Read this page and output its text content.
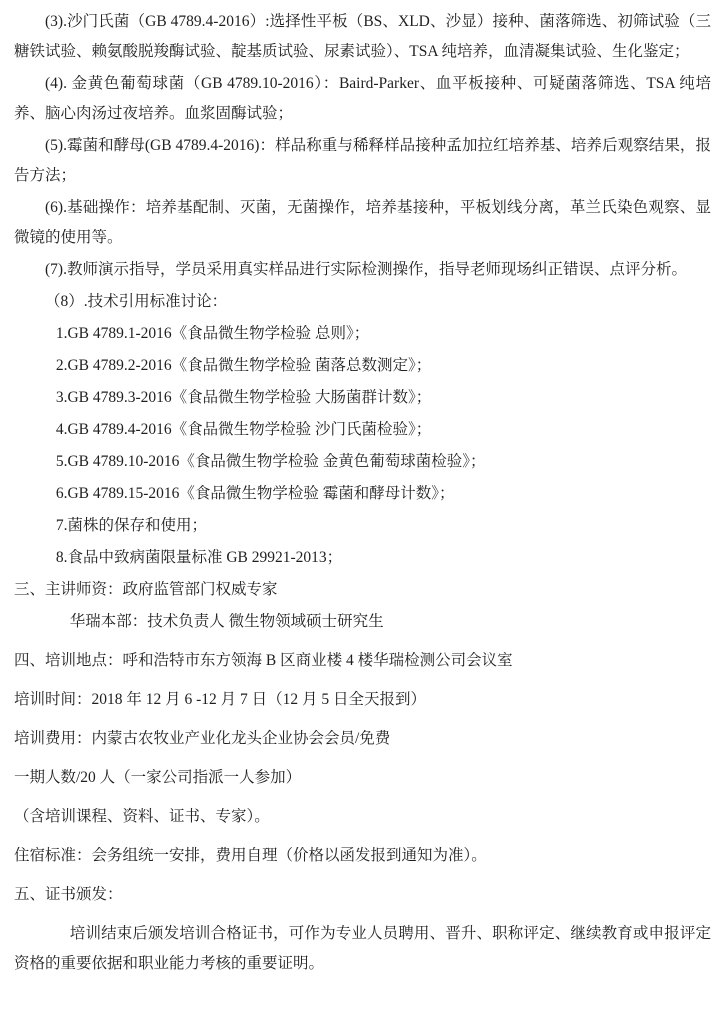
(3).沙门氏菌（GB 4789.4-2016）:选择性平板（BS、XLD、沙显）接种、菌落筛选、初筛试验（三糖铁试验、赖氨酸脱羧酶试验、靛基质试验、尿素试验）、TSA 纯培养，血清凝集试验、生化鉴定；

(4). 金黄色葡萄球菌（GB 4789.10-2016）：Baird-Parker、血平板接种、可疑菌落筛选、TSA 纯培养、脑心肉汤过夜培养。血浆固酶试验；

(5).霉菌和酵母(GB 4789.4-2016)：样品称重与稀释样品接种孟加拉红培养基、培养后观察结果，报告方法；

(6).基础操作：培养基配制、灭菌，无菌操作，培养基接种，平板划线分离，革兰氏染色观察、显微镜的使用等。

(7).教师演示指导，学员采用真实样品进行实际检测操作，指导老师现场纠正错误、点评分析。

（8）.技术引用标准讨论：

1.GB 4789.1-2016《食品微生物学检验 总则》；

2.GB 4789.2-2016《食品微生物学检验 菌落总数测定》；

3.GB 4789.3-2016《食品微生物学检验 大肠菌群计数》；

4.GB 4789.4-2016《食品微生物学检验 沙门氏菌检验》；

5.GB 4789.10-2016《食品微生物学检验 金黄色葡萄球菌检验》；

6.GB 4789.15-2016《食品微生物学检验 霉菌和酵母计数》；

7.菌株的保存和使用；

8.食品中致病菌限量标准 GB 29921-2013；

三、主讲师资：政府监管部门权威专家

华瑞本部：技术负责人 微生物领域硕士研究生

四、培训地点：呼和浩特市东方领海 B 区商业楼 4 楼华瑞检测公司会议室

培训时间：2018 年 12 月 6 -12 月 7 日（12 月 5 日全天报到）

培训费用：内蒙古农牧业产业化龙头企业协会会员/免费

一期人数/20 人（一家公司指派一人参加）

（含培训课程、资料、证书、专家）。

住宿标准：会务组统一安排，费用自理（价格以函发报到通知为准）。

五、证书颁发：

培训结束后颁发培训合格证书，可作为专业人员聘用、晋升、职称评定、继续教育或申报评定资格的重要依据和职业能力考核的重要证明。
